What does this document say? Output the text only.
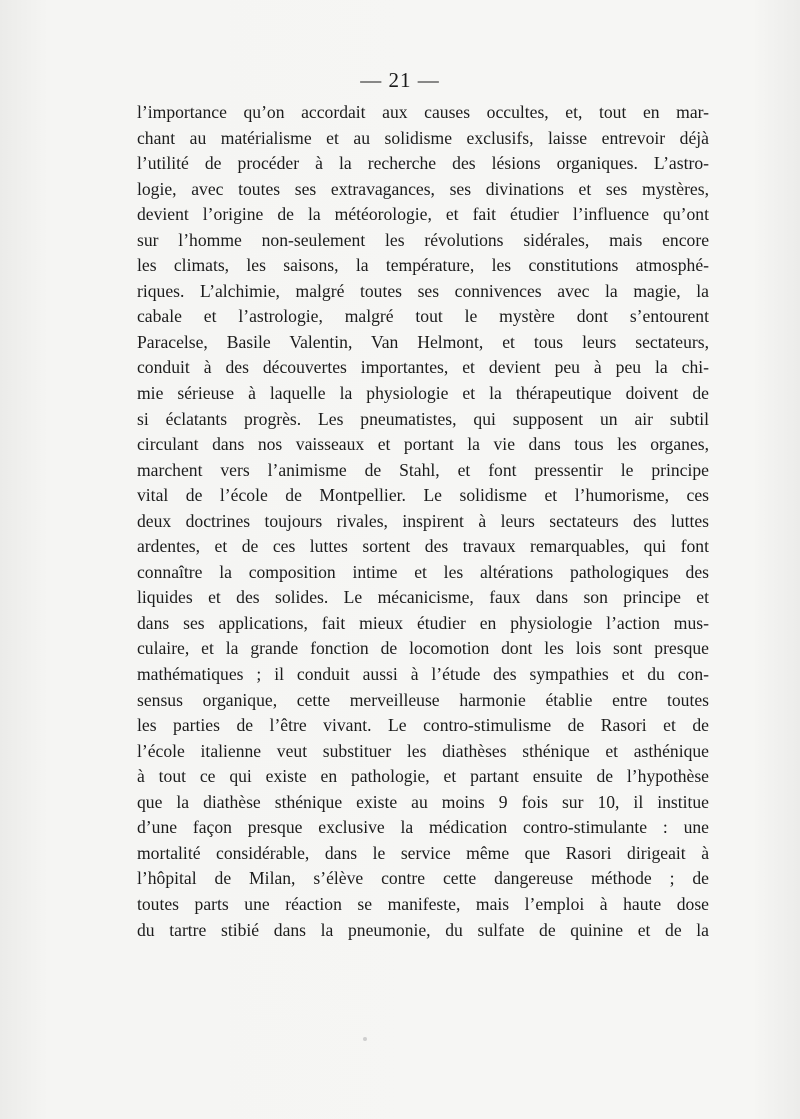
— 21 —
l’importance qu’on accordait aux causes occultes, et, tout en mar-
chant au matérialisme et au solidisme exclusifs, laisse entrevoir déjà
l’utilité de procéder à la recherche des lésions organiques. L’astro-
logie, avec toutes ses extravagances, ses divinations et ses mystères,
devient l’origine de la météorologie, et fait étudier l’influence qu’ont
sur l’homme non-seulement les révolutions sidérales, mais encore
les climats, les saisons, la température, les constitutions atmosphé-
riques. L’alchimie, malgré toutes ses connivences avec la magie, la
cabale et l’astrologie, malgré tout le mystère dont s’entourent
Paracelse, Basile Valentin, Van Helmont, et tous leurs sectateurs,
conduit à des découvertes importantes, et devient peu à peu la chi-
mie sérieuse à laquelle la physiologie et la thérapeutique doivent de
si éclatants progrès. Les pneumatistes, qui supposent un air subtil
circulant dans nos vaisseaux et portant la vie dans tous les organes,
marchent vers l’animisme de Stahl, et font pressentir le principe
vital de l’école de Montpellier. Le solidisme et l’humorisme, ces
deux doctrines toujours rivales, inspirent à leurs sectateurs des luttes
ardentes, et de ces luttes sortent des travaux remarquables, qui font
connaître la composition intime et les altérations pathologiques des
liquides et des solides. Le mécanicisme, faux dans son principe et
dans ses applications, fait mieux étudier en physiologie l’action mus-
culaire, et la grande fonction de locomotion dont les lois sont presque
mathématiques ; il conduit aussi à l’étude des sympathies et du con-
sensus organique, cette merveilleuse harmonie établie entre toutes
les parties de l’être vivant. Le contro-stimulisme de Rasori et de
l’école italienne veut substituer les diathèses sthénique et asthénique
à tout ce qui existe en pathologie, et partant ensuite de l’hypothèse
que la diathèse sthénique existe au moins 9 fois sur 10, il institue
d’une façon presque exclusive la médication contro-stimulante : une
mortalité considérable, dans le service même que Rasori dirigeait à
l’hôpital de Milan, s’élève contre cette dangereuse méthode ; de
toutes parts une réaction se manifeste, mais l’emploi à haute dose
du tartre stibié dans la pneumonie, du sulfate de quinine et de la
